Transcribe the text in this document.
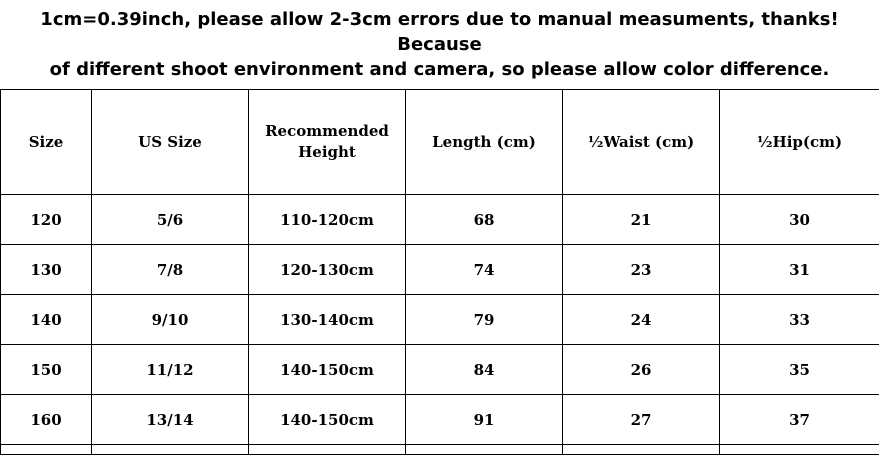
1cm=0.39inch, please allow 2-3cm errors due to manual measuments, thanks! Because
of different shoot environment and camera, so please allow color difference.
Size	US Size	Recommended Height	Length (cm)	½Waist (cm)	½Hip(cm)
120	5/6	110-120cm	68	21	30
130	7/8	120-130cm	74	23	31
140	9/10	130-140cm	79	24	33
150	11/12	140-150cm	84	26	35
160	13/14	140-150cm	91	27	37
